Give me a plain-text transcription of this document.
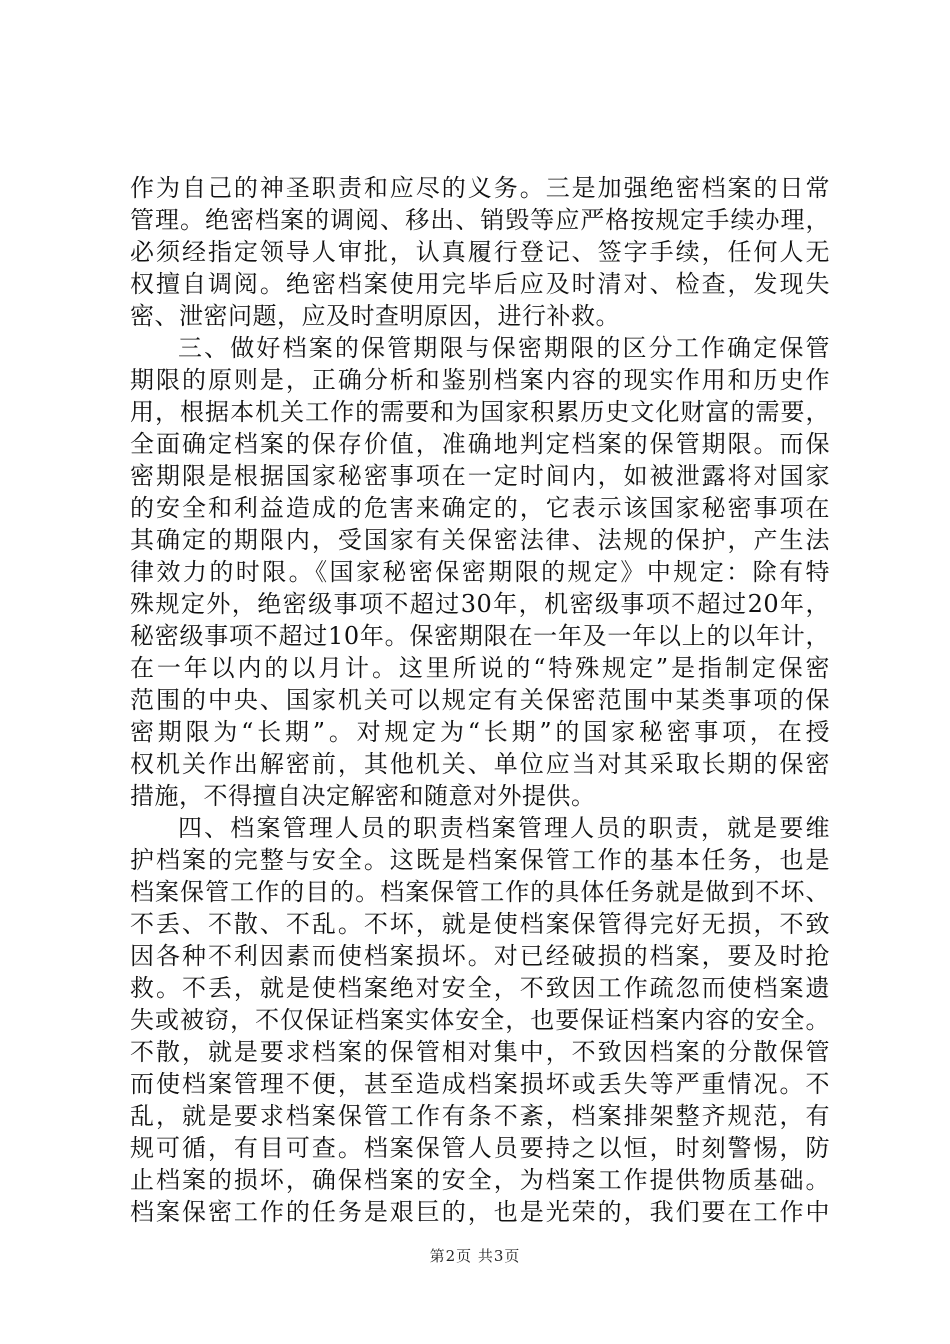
作为自己的神圣职责和应尽的义务。三是加强绝密档案的日常
管理。绝密档案的调阅、移出、销毁等应严格按规定手续办理，
必须经指定领导人审批，认真履行登记、签字手续，任何人无
权擅自调阅。绝密档案使用完毕后应及时清对、检查，发现失
密、泄密问题，应及时查明原因，进行补救。
三、做好档案的保管期限与保密期限的区分工作确定保管
期限的原则是，正确分析和鉴别档案内容的现实作用和历史作
用，根据本机关工作的需要和为国家积累历史文化财富的需要，
全面确定档案的保存价值，准确地判定档案的保管期限。而保
密期限是根据国家秘密事项在一定时间内，如被泄露将对国家
的安全和利益造成的危害来确定的，它表示该国家秘密事项在
其确定的期限内，受国家有关保密法律、法规的保护，产生法
律效力的时限。《国家秘密保密期限的规定》中规定：除有特
殊规定外，绝密级事项不超过30年，机密级事项不超过20年，
秘密级事项不超过10年。保密期限在一年及一年以上的以年计，
在一年以内的以月计。这里所说的“特殊规定”是指制定保密
范围的中央、国家机关可以规定有关保密范围中某类事项的保
密期限为“长期”。对规定为“长期”的国家秘密事项，在授
权机关作出解密前，其他机关、单位应当对其采取长期的保密
措施，不得擅自决定解密和随意对外提供。
四、档案管理人员的职责档案管理人员的职责，就是要维
护档案的完整与安全。这既是档案保管工作的基本任务，也是
档案保管工作的目的。档案保管工作的具体任务就是做到不坏、
不丢、不散、不乱。不坏，就是使档案保管得完好无损，不致
因各种不利因素而使档案损坏。对已经破损的档案，要及时抢
救。不丢，就是使档案绝对安全，不致因工作疏忽而使档案遗
失或被窃，不仅保证档案实体安全，也要保证档案内容的安全。
不散，就是要求档案的保管相对集中，不致因档案的分散保管
而使档案管理不便，甚至造成档案损坏或丢失等严重情况。不
乱，就是要求档案保管工作有条不紊，档案排架整齐规范，有
规可循，有目可查。档案保管人员要持之以恒，时刻警惕，防
止档案的损坏，确保档案的安全，为档案工作提供物质基础。
档案保密工作的任务是艰巨的，也是光荣的，我们要在工作中
第2页 共3页
